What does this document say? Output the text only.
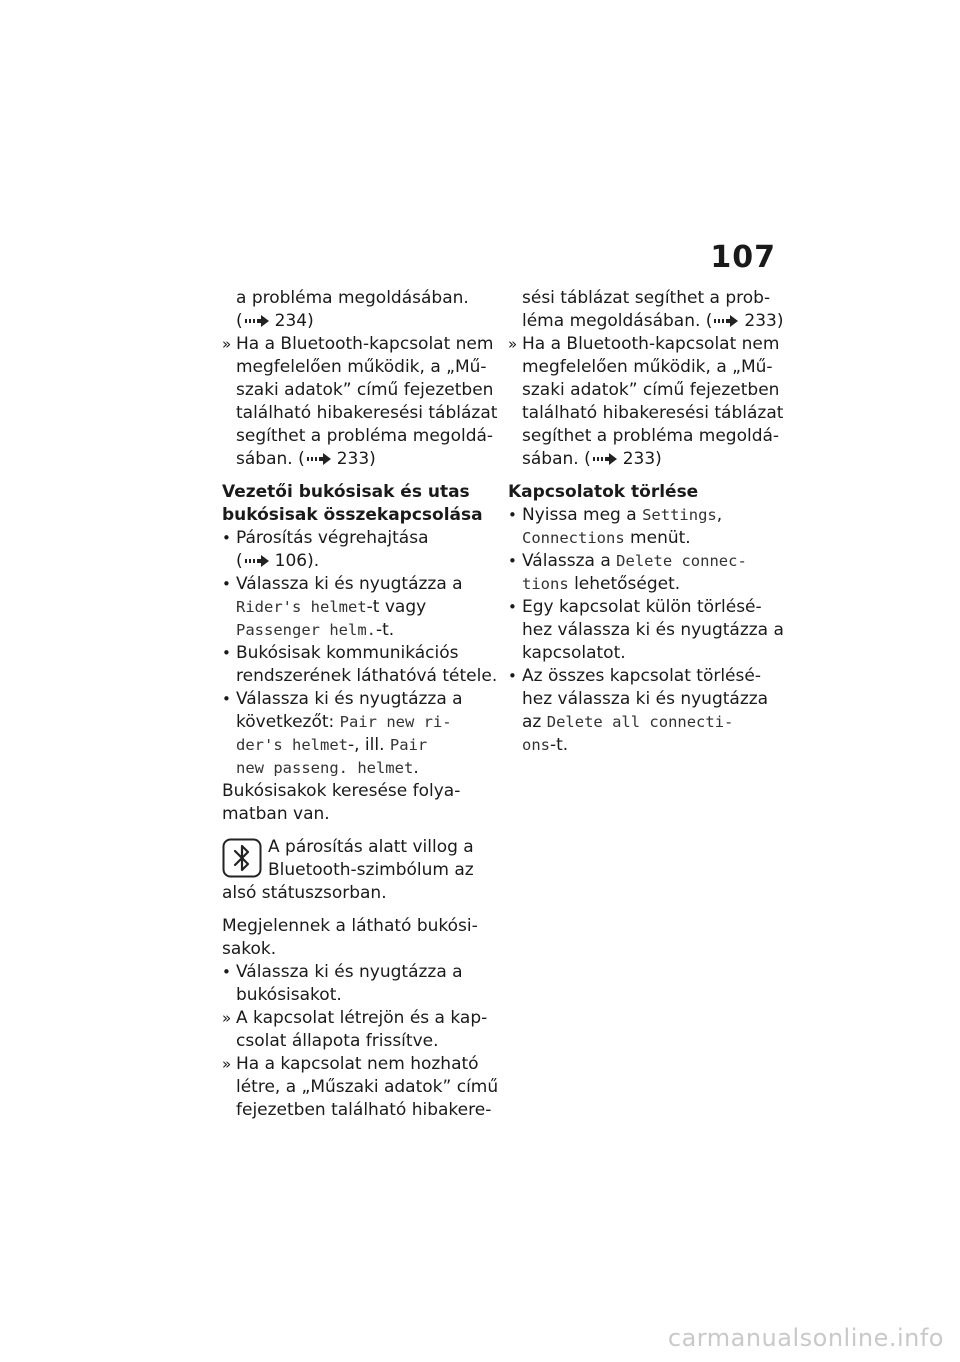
107
a probléma megoldásában.
( 234)
» Ha a Bluetooth-kapcsolat nem
megfelelően működik, a „Mű-
szaki adatok” című fejezetben
található hibakeresési táblázat
segíthet a probléma megoldá-
sában. ( 233)
Vezetői bukósisak és utas
bukósisak összekapcsolása
• Párosítás végrehajtása
( 106).
• Válassza ki és nyugtázza a
Rider's helmet-t vagy
Passenger helm.-t.
• Bukósisak kommunikációs
rendszerének láthatóvá tétele.
• Válassza ki és nyugtázza a
következőt: Pair new ri-
der's helmet-, ill. Pair
new passeng. helmet.
Bukósisakok keresése folya-
matban van.
A párosítás alatt villog a
Bluetooth-szimbólum az
alsó státuszsorban.
Megjelennek a látható bukósi-
sakok.
• Válassza ki és nyugtázza a
bukósisakot.
» A kapcsolat létrejön és a kap-
csolat állapota frissítve.
» Ha a kapcsolat nem hozható
létre, a „Műszaki adatok” című
fejezetben található hibakere-
sési táblázat segíthet a prob-
léma megoldásában. ( 233)
» Ha a Bluetooth-kapcsolat nem
megfelelően működik, a „Mű-
szaki adatok” című fejezetben
található hibakeresési táblázat
segíthet a probléma megoldá-
sában. ( 233)
Kapcsolatok törlése
• Nyissa meg a Settings,
Connections menüt.
• Válassza a Delete connec-
tions lehetőséget.
• Egy kapcsolat külön törlésé-
hez válassza ki és nyugtázza a
kapcsolatot.
• Az összes kapcsolat törlésé-
hez válassza ki és nyugtázza
az Delete all connecti-
ons-t.
carmanualsonline.info
